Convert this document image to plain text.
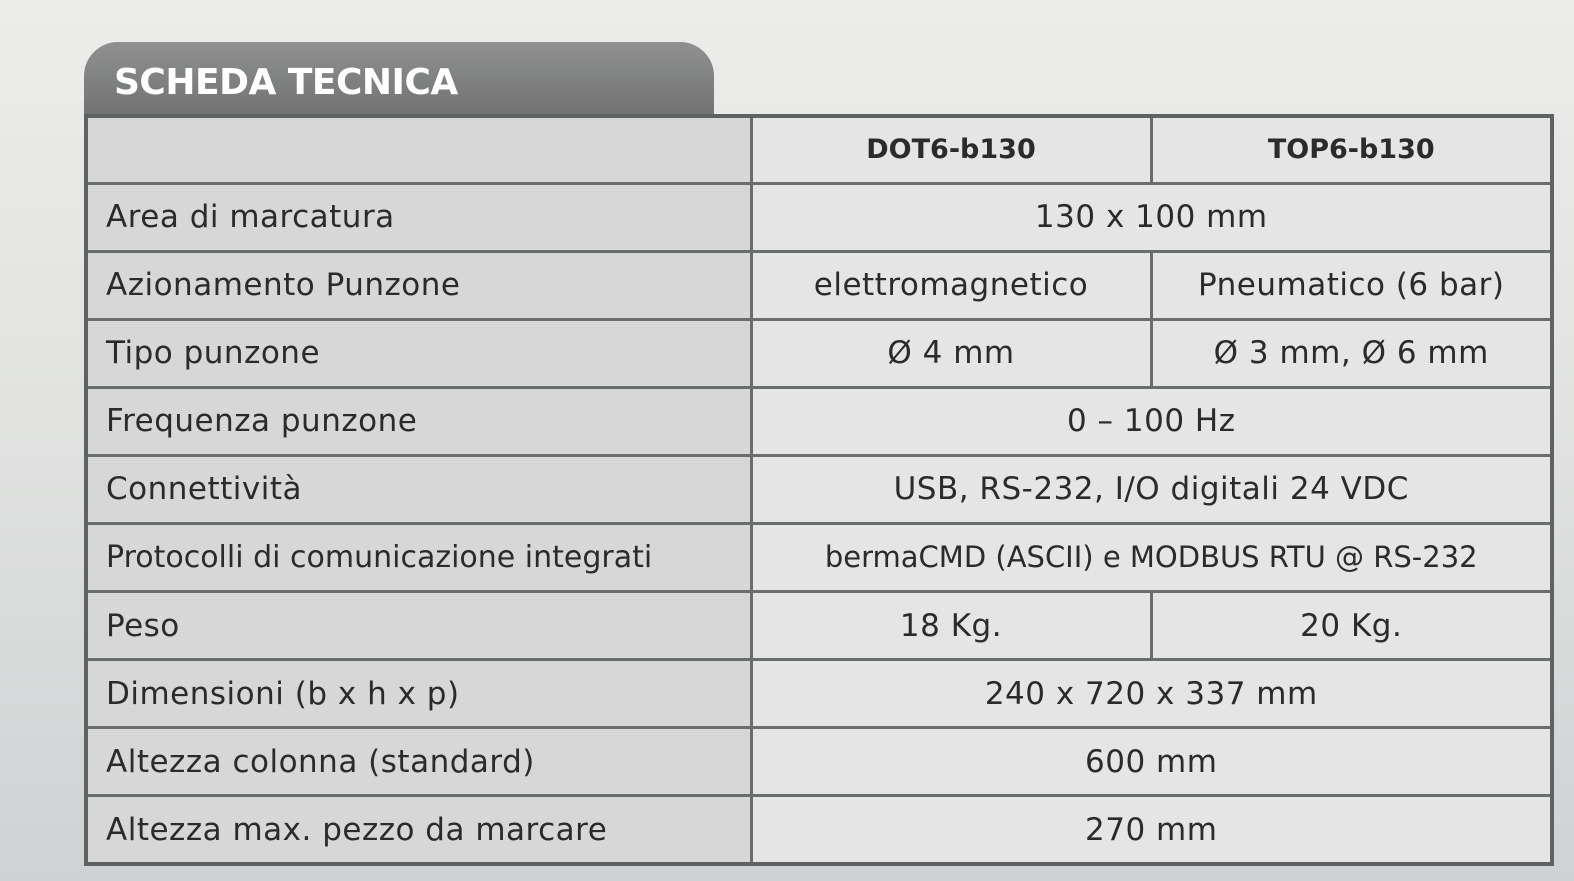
SCHEDA TECNICA
	DOT6-b130	TOP6-b130
Area di marcatura	130 x 100 mm	
Azionamento Punzone	elettromagnetico	Pneumatico (6 bar)
Tipo punzone	Ø 4 mm	Ø 3 mm, Ø 6 mm
Frequenza punzone	0 – 100 Hz	
Connettività	USB, RS-232, I/O digitali 24 VDC	
Protocolli di comunicazione integrati	bermaCMD (ASCII) e MODBUS RTU @ RS-232	
Peso	18 Kg.	20 Kg.
Dimensioni (b x h x p)	240 x 720 x 337 mm	
Altezza colonna (standard)	600 mm	
Altezza max. pezzo da marcare	270 mm	
